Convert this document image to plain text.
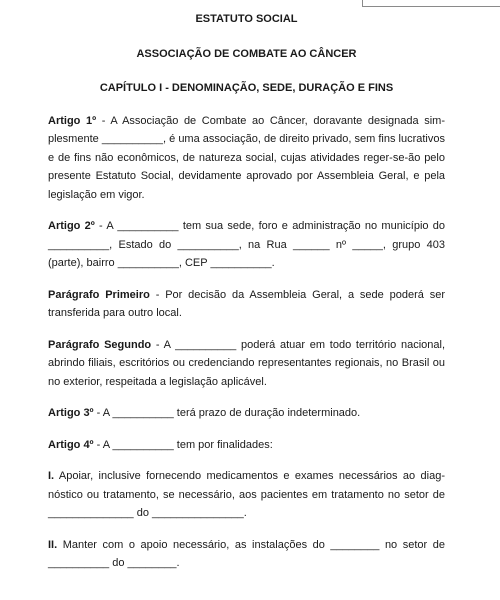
ESTATUTO SOCIAL

ASSOCIAÇÃO DE COMBATE AO CÂNCER

CAPÍTULO I - DENOMINAÇÃO, SEDE, DURAÇÃO E FINS

Artigo 1º - A Associação de Combate ao Câncer, doravante designada simplesmente __________, é uma associação, de direito privado, sem fins lucrativos e de fins não econômicos, de natureza social, cujas atividades reger-se-ão pelo presente Estatuto Social, devidamente aprovado por Assembleia Geral, e pela legislação em vigor.

Artigo 2º - A __________ tem sua sede, foro e administração no município do __________, Estado do __________, na Rua ______ nº _____, grupo 403 (parte), bairro __________, CEP __________.

Parágrafo Primeiro - Por decisão da Assembleia Geral, a sede poderá ser transferida para outro local.

Parágrafo Segundo - A __________ poderá atuar em todo território nacional, abrindo filiais, escritórios ou credenciando representantes regionais, no Brasil ou no exterior, respeitada a legislação aplicável.

Artigo 3º - A __________ terá prazo de duração indeterminado.

Artigo 4º - A __________ tem por finalidades:

I. Apoiar, inclusive fornecendo medicamentos e exames necessários ao diagnóstico ou tratamento, se necessário, aos pacientes em tratamento no setor de ______________ do _______________.

II. Manter com o apoio necessário, as instalações do ________ no setor de __________ do ________.
